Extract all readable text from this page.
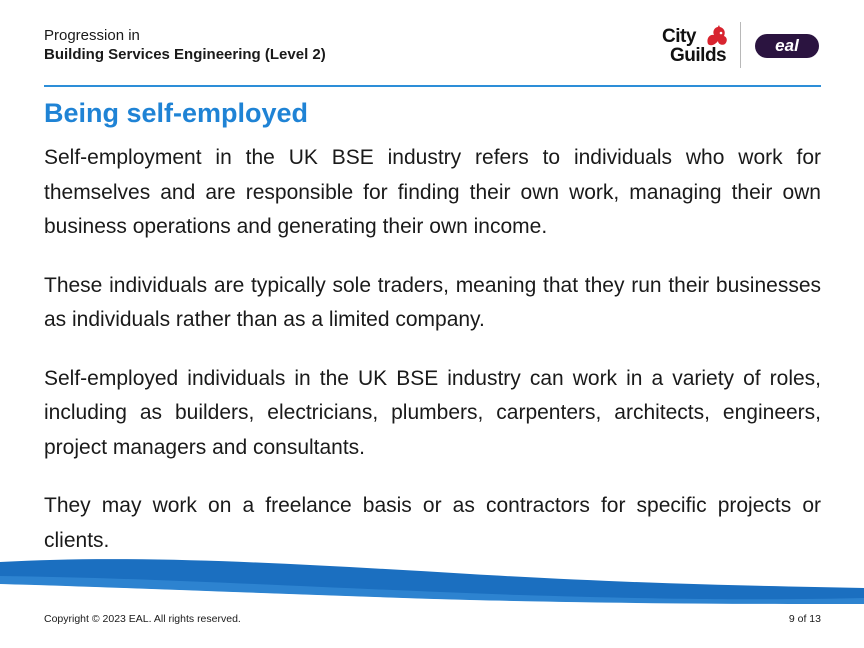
Progression in
Building Services Engineering (Level 2)
City
Guilds	eal
Being self-employed

Self-employment in the UK BSE industry refers to individuals who work for themselves and are responsible for finding their own work, managing their own business operations and generating their own income.

These individuals are typically sole traders, meaning that they run their businesses as individuals rather than as a limited company.

Self-employed individuals in the UK BSE industry can work in a variety of roles, including as builders, electricians, plumbers, carpenters, architects, engineers, project managers and consultants.

They may work on a freelance basis or as contractors for specific projects or clients.

Copyright © 2023 EAL. All rights reserved.	9 of 13
